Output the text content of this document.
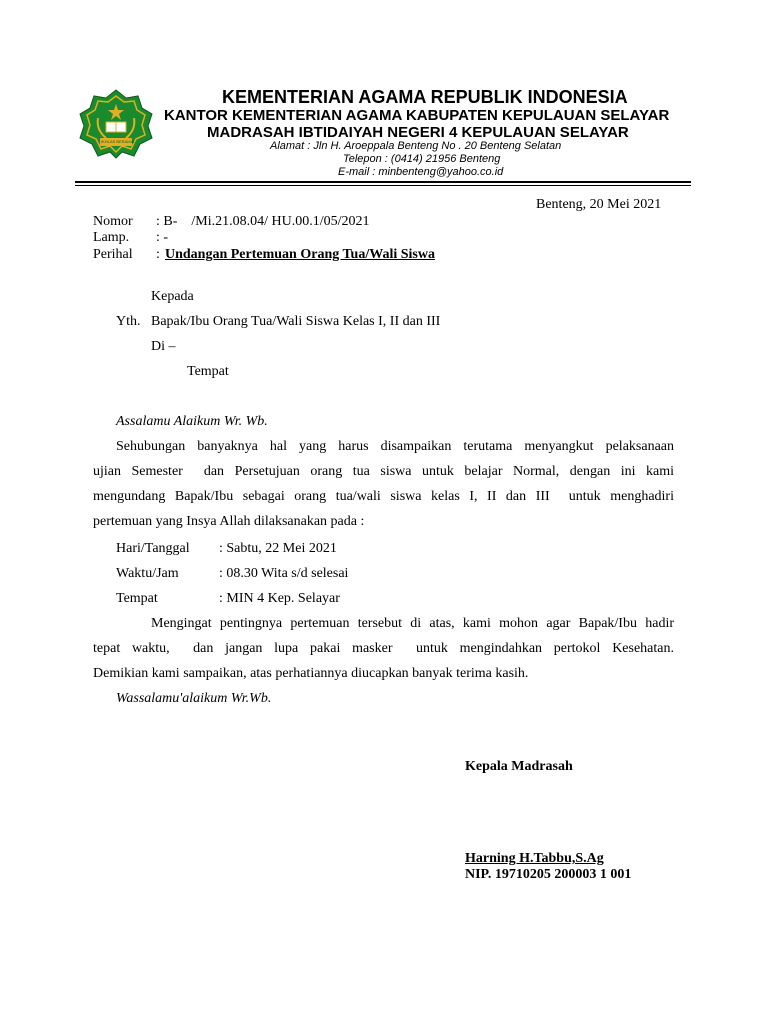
IKHLAS BERAMAL
KEMENTERIAN AGAMA REPUBLIK INDONESIA
KANTOR KEMENTERIAN AGAMA KABUPATEN KEPULAUAN SELAYAR
MADRASAH IBTIDAIYAH NEGERI 4 KEPULAUAN SELAYAR
Alamat : Jln H. Aroeppala Benteng No . 20 Benteng Selatan
Telepon : (0414) 21956 Benteng
E-mail : minbenteng@yahoo.co.id
Benteng, 20 Mei 2021
Nomor : B-    /Mi.21.08.04/ HU.00.1/05/2021
Lamp. : -
Perihal : Undangan Pertemuan Orang Tua/Wali Siswa
Kepada
Yth. Bapak/Ibu Orang Tua/Wali Siswa Kelas I, II dan III
Di –
Tempat
Assalamu Alaikum Wr. Wb.
Sehubungan banyaknya hal yang harus disampaikan terutama menyangkut pelaksanaan
ujian Semester  dan Persetujuan orang tua siswa untuk belajar Normal, dengan ini kami
mengundang Bapak/Ibu sebagai orang tua/wali siswa kelas I, II dan III  untuk menghadiri
pertemuan yang Insya Allah dilaksanakan pada :
Hari/Tanggal : Sabtu, 22 Mei 2021
Waktu/Jam	: 08.30 Wita s/d selesai
Tempat	: MIN 4 Kep. Selayar
Mengingat pentingnya pertemuan tersebut di atas, kami mohon agar Bapak/Ibu hadir
tepat waktu,  dan jangan lupa pakai masker  untuk mengindahkan pertokol Kesehatan.
Demikian kami sampaikan, atas perhatiannya diucapkan banyak terima kasih.
Wassalamu'alaikum Wr.Wb.
Kepala Madrasah
Harning H.Tabbu,S.Ag
NIP. 19710205 200003 1 001
